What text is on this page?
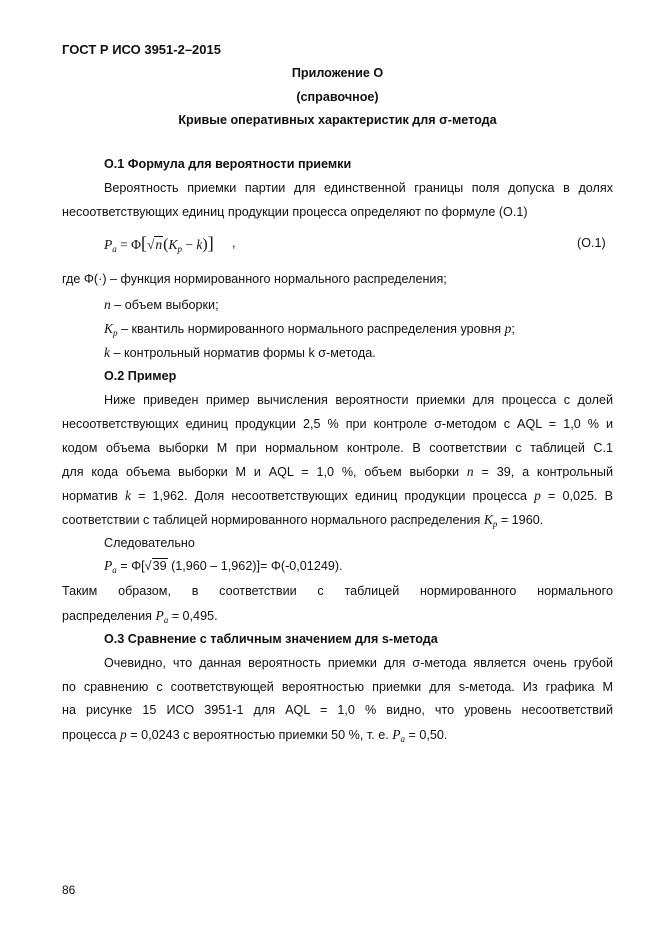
ГОСТ Р ИСО 3951-2–2015
Приложение О
(справочное)
Кривые оперативных характеристик для σ-метода
О.1 Формула для вероятности приемки
Вероятность приемки партии для единственной границы поля допуска в долях
несоответствующих единиц продукции процесса определяют по формуле (О.1)
$P_a = \Phi[√n(K_p - k)]$ ,	(О.1)
где Φ(·) – функция нормированного нормального распределения;
n – объем выборки;
$K_p$ – квантиль нормированного нормального распределения уровня p;
k – контрольный норматив формы k σ-метода.
О.2 Пример
Ниже приведен пример вычисления вероятности приемки для процесса с долей
несоответствующих единиц продукции 2,5 % при контроле σ-методом с AQL = 1,0 % и
кодом объема выборки М при нормальном контроле. В соответствии с таблицей С.1
для кода объема выборки М и AQL = 1,0 %, объем выборки n = 39, а контрольный
норматив k = 1,962. Доля несоответствующих единиц продукции процесса p = 0,025. В
соответствии с таблицей нормированного нормального распределения $K_p = 1960$.
Следовательно
$P_a = \Phi[√39$ (1,960 – 1,962)]= Φ(-0,01249).
Таким образом, в соответствии с таблицей нормированного нормального
распределения $P_a = 0,495$.
О.3 Сравнение с табличным значением для s-метода
Очевидно, что данная вероятность приемки для σ-метода является очень грубой
по сравнению с соответствующей вероятностью приемки для s-метода. Из графика М
на рисунке 15 ИСО 3951-1 для AQL = 1,0 % видно, что уровень несоответствий
процесса p = 0,0243 с вероятностью приемки 50 %, т. е. $P_a = 0,50$.
86
